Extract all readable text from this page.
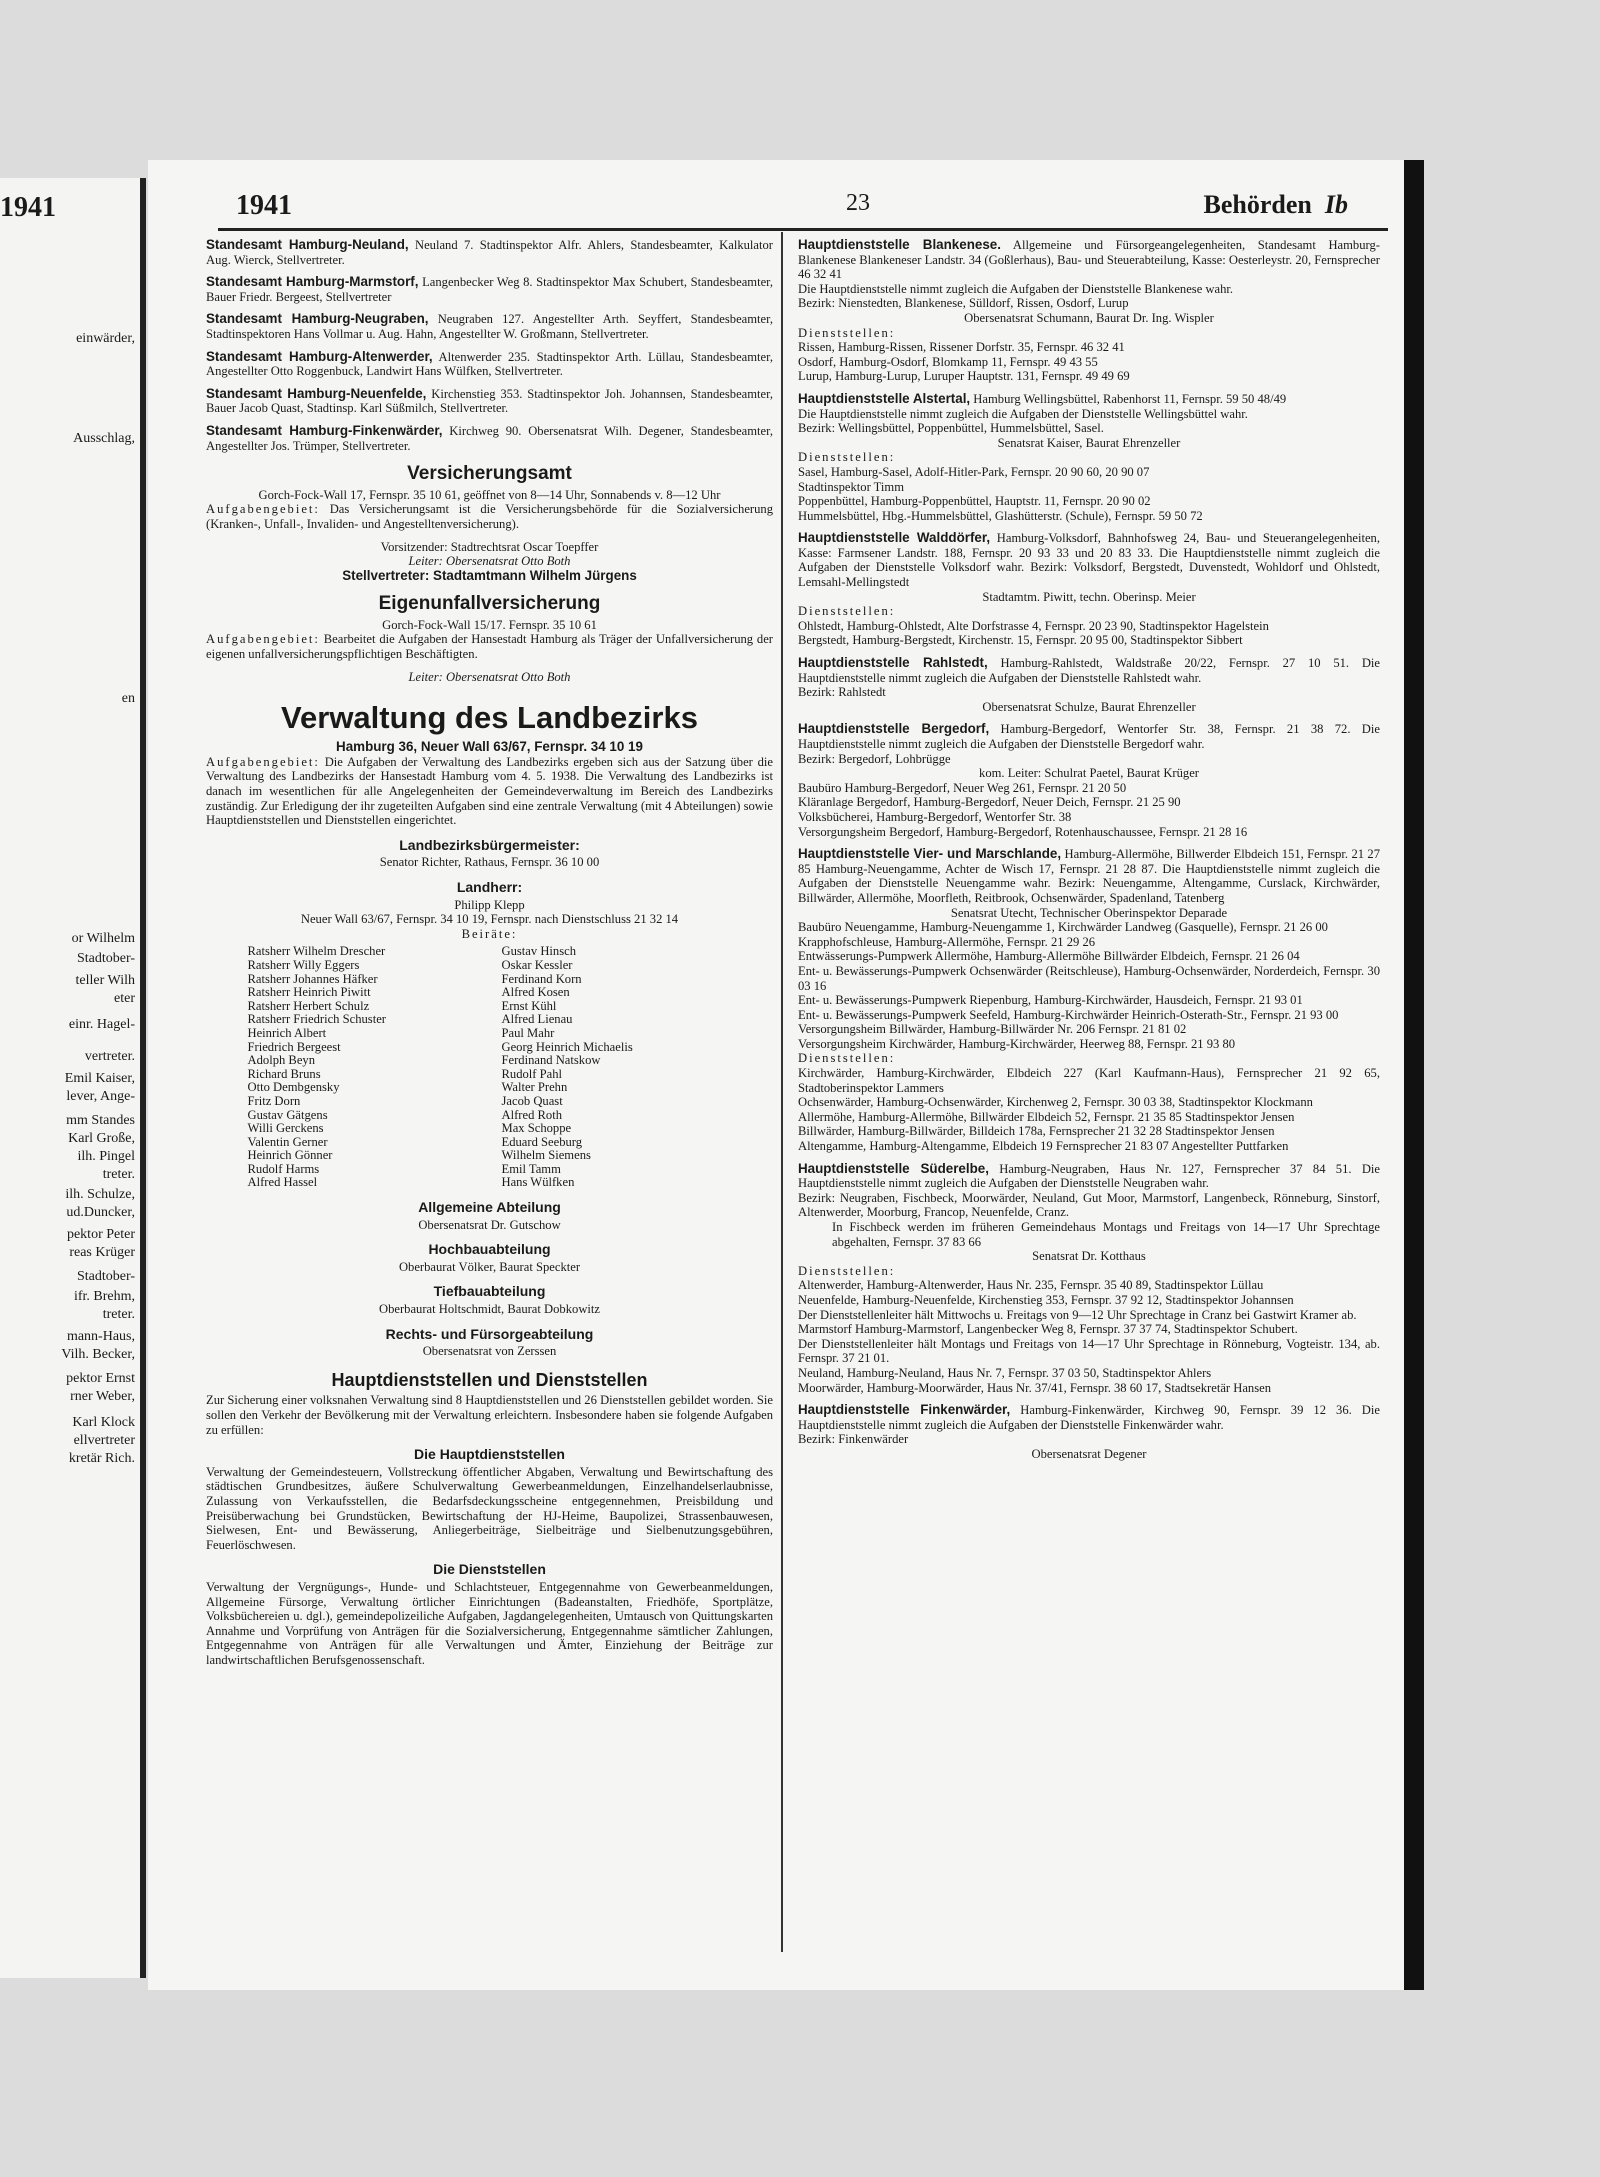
1941
einwärder,
Ausschlag,
en
or Wilhelm
Stadtober-
teller Wilh
eter
einr. Hagel-
vertreter.
Emil Kaiser,
lever, Ange-
mm Standes
Karl Große,
ilh. Pingel
treter.
ilh. Schulze,
ud.Duncker,
pektor Peter
reas Krüger
Stadtober-
ifr. Brehm,
treter.
mann-Haus,
Vilh. Becker,
pektor Ernst
rner Weber,
Karl Klock
ellvertreter
kretär Rich.
1941	23	Behörden Ib
Standesamt Hamburg-Neuland, Neuland 7. Stadtinspektor Alfr. Ahlers, Standesbeamter, Kalkulator Aug. Wierck, Stellvertreter.
Standesamt Hamburg-Marmstorf, Langenbecker Weg 8. Stadtinspektor Max Schubert, Standesbeamter, Bauer Friedr. Bergeest, Stellvertreter
Standesamt Hamburg-Neugraben, Neugraben 127. Angestellter Arth. Seyffert, Standesbeamter, Stadtinspektoren Hans Vollmar u. Aug. Hahn, Angestellter W. Großmann, Stellvertreter.
Standesamt Hamburg-Altenwerder, Altenwerder 235. Stadtinspektor Arth. Lüllau, Standesbeamter, Angestellter Otto Roggenbuck, Landwirt Hans Wülfken, Stellvertreter.
Standesamt Hamburg-Neuenfelde, Kirchenstieg 353. Stadtinspektor Joh. Johannsen, Standesbeamter, Bauer Jacob Quast, Stadtinsp. Karl Süßmilch, Stellvertreter.
Standesamt Hamburg-Finkenwärder, Kirchweg 90. Obersenatsrat Wilh. Degener, Standesbeamter, Angestellter Jos. Trümper, Stellvertreter.
Versicherungsamt
Gorch-Fock-Wall 17, Fernspr. 35 10 61, geöffnet von 8—14 Uhr, Sonnabends v. 8—12 Uhr
Aufgabengebiet: Das Versicherungsamt ist die Versicherungsbehörde für die Sozialversicherung (Kranken-, Unfall-, Invaliden- und Angestelltenversicherung).
Vorsitzender: Stadtrechtsrat Oscar Toepffer
Leiter: Obersenatsrat Otto Both
Stellvertreter: Stadtamtmann Wilhelm Jürgens
Eigenunfallversicherung
Gorch-Fock-Wall 15/17. Fernspr. 35 10 61
Aufgabengebiet: Bearbeitet die Aufgaben der Hansestadt Hamburg als Träger der Unfallversicherung der eigenen unfallversicherungspflichtigen Beschäftigten.
Leiter: Obersenatsrat Otto Both
Verwaltung des Landbezirks
Hamburg 36, Neuer Wall 63/67, Fernspr. 34 10 19
Aufgabengebiet: Die Aufgaben der Verwaltung des Landbezirks ergeben sich aus der Satzung über die Verwaltung des Landbezirks der Hansestadt Hamburg vom 4. 5. 1938. Die Verwaltung des Landbezirks ist danach im wesentlichen für alle Angelegenheiten der Gemeindeverwaltung im Bereich des Landbezirks zuständig. Zur Erledigung der ihr zugeteilten Aufgaben sind eine zentrale Verwaltung (mit 4 Abteilungen) sowie Hauptdienststellen und Dienststellen eingerichtet.
Landbezirksbürgermeister:
Senator Richter, Rathaus, Fernspr. 36 10 00
Landherr:
Philipp Klepp
Neuer Wall 63/67, Fernspr. 34 10 19, Fernspr. nach Dienstschluss 21 32 14
Beiräte:
Ratsherr Wilhelm Drescher
Ratsherr Willy Eggers
Ratsherr Johannes Häfker
Ratsherr Heinrich Piwitt
Ratsherr Herbert Schulz
Ratsherr Friedrich Schuster
Heinrich Albert
Friedrich Bergeest
Adolph Beyn
Richard Bruns
Otto Dembgensky
Fritz Dorn
Gustav Gätgens
Willi Gerckens
Valentin Gerner
Heinrich Gönner
Rudolf Harms
Alfred Hassel
Gustav Hinsch
Oskar Kessler
Ferdinand Korn
Alfred Kosen
Ernst Kühl
Alfred Lienau
Paul Mahr
Georg Heinrich Michaelis
Ferdinand Natskow
Rudolf Pahl
Walter Prehn
Jacob Quast
Alfred Roth
Max Schoppe
Eduard Seeburg
Wilhelm Siemens
Emil Tamm
Hans Wülfken
Allgemeine Abteilung
Obersenatsrat Dr. Gutschow
Hochbauabteilung
Oberbaurat Völker, Baurat Speckter
Tiefbauabteilung
Oberbaurat Holtschmidt, Baurat Dobkowitz
Rechts- und Fürsorgeabteilung
Obersenatsrat von Zerssen
Hauptdienststellen und Dienststellen
Zur Sicherung einer volksnahen Verwaltung sind 8 Hauptdienststellen und 26 Dienststellen gebildet worden. Sie sollen den Verkehr der Bevölkerung mit der Verwaltung erleichtern. Insbesondere haben sie folgende Aufgaben zu erfüllen:
Die Hauptdienststellen
Verwaltung der Gemeindesteuern, Vollstreckung öffentlicher Abgaben, Verwaltung und Bewirtschaftung des städtischen Grundbesitzes, äußere Schulverwaltung Gewerbeanmeldungen, Einzelhandelserlaubnisse, Zulassung von Verkaufsstellen, die Bedarfsdeckungsscheine entgegennehmen, Preisbildung und Preisüberwachung bei Grundstücken, Bewirtschaftung der HJ-Heime, Baupolizei, Strassenbauwesen, Sielwesen, Ent- und Bewässerung, Anliegerbeiträge, Sielbeiträge und Sielbenutzungsgebühren, Feuerlöschwesen.
Die Dienststellen
Verwaltung der Vergnügungs-, Hunde- und Schlachtsteuer, Entgegennahme von Gewerbeanmeldungen, Allgemeine Fürsorge, Verwaltung örtlicher Einrichtungen (Badeanstalten, Friedhöfe, Sportplätze, Volksbüchereien u. dgl.), gemeindepolizeiliche Aufgaben, Jagdangelegenheiten, Umtausch von Quittungskarten Annahme und Vorprüfung von Anträgen für die Sozialversicherung, Entgegennahme sämtlicher Zahlungen, Entgegennahme von Anträgen für alle Verwaltungen und Ämter, Einziehung der Beiträge zur landwirtschaftlichen Berufsgenossenschaft.
Hauptdienststelle Blankenese. Allgemeine und Fürsorgeangelegenheiten, Standesamt Hamburg-Blankenese Blankeneser Landstr. 34 (Goßlerhaus), Bau- und Steuerabteilung, Kasse: Oesterleystr. 20, Fernsprecher 46 32 41
Die Hauptdienststelle nimmt zugleich die Aufgaben der Dienststelle Blankenese wahr.
Bezirk: Nienstedten, Blankenese, Sülldorf, Rissen, Osdorf, Lurup
Obersenatsrat Schumann, Baurat Dr. Ing. Wispler
Dienststellen:
Rissen, Hamburg-Rissen, Rissener Dorfstr. 35, Fernspr. 46 32 41
Osdorf, Hamburg-Osdorf, Blomkamp 11, Fernspr. 49 43 55
Lurup, Hamburg-Lurup, Luruper Hauptstr. 131, Fernspr. 49 49 69
Hauptdienststelle Alstertal, Hamburg Wellingsbüttel, Rabenhorst 11, Fernspr. 59 50 48/49
Die Hauptdienststelle nimmt zugleich die Aufgaben der Dienststelle Wellingsbüttel wahr.
Bezirk: Wellingsbüttel, Poppenbüttel, Hummelsbüttel, Sasel.
Senatsrat Kaiser, Baurat Ehrenzeller
Dienststellen:
Sasel, Hamburg-Sasel, Adolf-Hitler-Park, Fernspr. 20 90 60, 20 90 07
Stadtinspektor Timm
Poppenbüttel, Hamburg-Poppenbüttel, Hauptstr. 11, Fernspr. 20 90 02
Hummelsbüttel, Hbg.-Hummelsbüttel, Glashütterstr. (Schule), Fernspr. 59 50 72
Hauptdienststelle Walddörfer, Hamburg-Volksdorf, Bahnhofsweg 24, Bau- und Steuerangelegenheiten, Kasse: Farmsener Landstr. 188, Fernspr. 20 93 33 und 20 83 33. Die Hauptdienststelle nimmt zugleich die Aufgaben der Dienststelle Volksdorf wahr. Bezirk: Volksdorf, Bergstedt, Duvenstedt, Wohldorf und Ohlstedt, Lemsahl-Mellingstedt
Stadtamtm. Piwitt, techn. Oberinsp. Meier
Dienststellen:
Ohlstedt, Hamburg-Ohlstedt, Alte Dorfstrasse 4, Fernspr. 20 23 90, Stadtinspektor Hagelstein
Bergstedt, Hamburg-Bergstedt, Kirchenstr. 15, Fernspr. 20 95 00, Stadtinspektor Sibbert
Hauptdienststelle Rahlstedt, Hamburg-Rahlstedt, Waldstraße 20/22, Fernspr. 27 10 51. Die Hauptdienststelle nimmt zugleich die Aufgaben der Dienststelle Rahlstedt wahr.
Bezirk: Rahlstedt
Obersenatsrat Schulze, Baurat Ehrenzeller
Hauptdienststelle Bergedorf, Hamburg-Bergedorf, Wentorfer Str. 38, Fernspr. 21 38 72. Die Hauptdienststelle nimmt zugleich die Aufgaben der Dienststelle Bergedorf wahr.
Bezirk: Bergedorf, Lohbrügge
kom. Leiter: Schulrat Paetel, Baurat Krüger
Baubüro Hamburg-Bergedorf, Neuer Weg 261, Fernspr. 21 20 50
Kläranlage Bergedorf, Hamburg-Bergedorf, Neuer Deich, Fernspr. 21 25 90
Volksbücherei, Hamburg-Bergedorf, Wentorfer Str. 38
Versorgungsheim Bergedorf, Hamburg-Bergedorf, Rotenhauschaussee, Fernspr. 21 28 16
Hauptdienststelle Vier- und Marschlande, Hamburg-Allermöhe, Billwerder Elbdeich 151, Fernspr. 21 27 85 Hamburg-Neuengamme, Achter de Wisch 17, Fernspr. 21 28 87. Die Hauptdienststelle nimmt zugleich die Aufgaben der Dienststelle Neuengamme wahr. Bezirk: Neuengamme, Altengamme, Curslack, Kirchwärder, Billwärder, Allermöhe, Moorfleth, Reitbrook, Ochsenwärder, Spadenland, Tatenberg
Senatsrat Utecht, Technischer Oberinspektor Deparade
Baubüro Neuengamme, Hamburg-Neuengamme 1, Kirchwärder Landweg (Gasquelle), Fernspr. 21 26 00
Krapphofschleuse, Hamburg-Allermöhe, Fernspr. 21 29 26
Entwässerungs-Pumpwerk Allermöhe, Hamburg-Allermöhe Billwärder Elbdeich, Fernspr. 21 26 04
Ent- u. Bewässerungs-Pumpwerk Ochsenwärder (Reitschleuse), Hamburg-Ochsenwärder, Norderdeich, Fernspr. 30 03 16
Ent- u. Bewässerungs-Pumpwerk Riepenburg, Hamburg-Kirchwärder, Hausdeich, Fernspr. 21 93 01
Ent- u. Bewässerungs-Pumpwerk Seefeld, Hamburg-Kirchwärder Heinrich-Osterath-Str., Fernspr. 21 93 00
Versorgungsheim Billwärder, Hamburg-Billwärder Nr. 206 Fernspr. 21 81 02
Versorgungsheim Kirchwärder, Hamburg-Kirchwärder, Heerweg 88, Fernspr. 21 93 80
Dienststellen:
Kirchwärder, Hamburg-Kirchwärder, Elbdeich 227 (Karl Kaufmann-Haus), Fernsprecher 21 92 65, Stadtoberinspektor Lammers
Ochsenwärder, Hamburg-Ochsenwärder, Kirchenweg 2, Fernspr. 30 03 38, Stadtinspektor Klockmann
Allermöhe, Hamburg-Allermöhe, Billwärder Elbdeich 52, Fernspr. 21 35 85 Stadtinspektor Jensen
Billwärder, Hamburg-Billwärder, Billdeich 178a, Fernsprecher 21 32 28 Stadtinspektor Jensen
Altengamme, Hamburg-Altengamme, Elbdeich 19 Fernsprecher 21 83 07 Angestellter Puttfarken
Hauptdienststelle Süderelbe, Hamburg-Neugraben, Haus Nr. 127, Fernsprecher 37 84 51. Die Hauptdienststelle nimmt zugleich die Aufgaben der Dienststelle Neugraben wahr.
Bezirk: Neugraben, Fischbeck, Moorwärder, Neuland, Gut Moor, Marmstorf, Langenbeck, Rönneburg, Sinstorf, Altenwerder, Moorburg, Francop, Neuenfelde, Cranz.
In Fischbeck werden im früheren Gemeindehaus Montags und Freitags von 14—17 Uhr Sprechtage abgehalten, Fernspr. 37 83 66
Senatsrat Dr. Kotthaus
Dienststellen:
Altenwerder, Hamburg-Altenwerder, Haus Nr. 235, Fernspr. 35 40 89, Stadtinspektor Lüllau
Neuenfelde, Hamburg-Neuenfelde, Kirchenstieg 353, Fernspr. 37 92 12, Stadtinspektor Johannsen
Der Dienststellenleiter hält Mittwochs u. Freitags von 9—12 Uhr Sprechtage in Cranz bei Gastwirt Kramer ab.
Marmstorf Hamburg-Marmstorf, Langenbecker Weg 8, Fernspr. 37 37 74, Stadtinspektor Schubert.
Der Dienststellenleiter hält Montags und Freitags von 14—17 Uhr Sprechtage in Rönneburg, Vogteistr. 134, ab. Fernspr. 37 21 01.
Neuland, Hamburg-Neuland, Haus Nr. 7, Fernspr. 37 03 50, Stadtinspektor Ahlers
Moorwärder, Hamburg-Moorwärder, Haus Nr. 37/41, Fernspr. 38 60 17, Stadtsekretär Hansen
Hauptdienststelle Finkenwärder, Hamburg-Finkenwärder, Kirchweg 90, Fernspr. 39 12 36. Die Hauptdienststelle nimmt zugleich die Aufgaben der Dienststelle Finkenwärder wahr.
Bezirk: Finkenwärder
Obersenatsrat Degener
